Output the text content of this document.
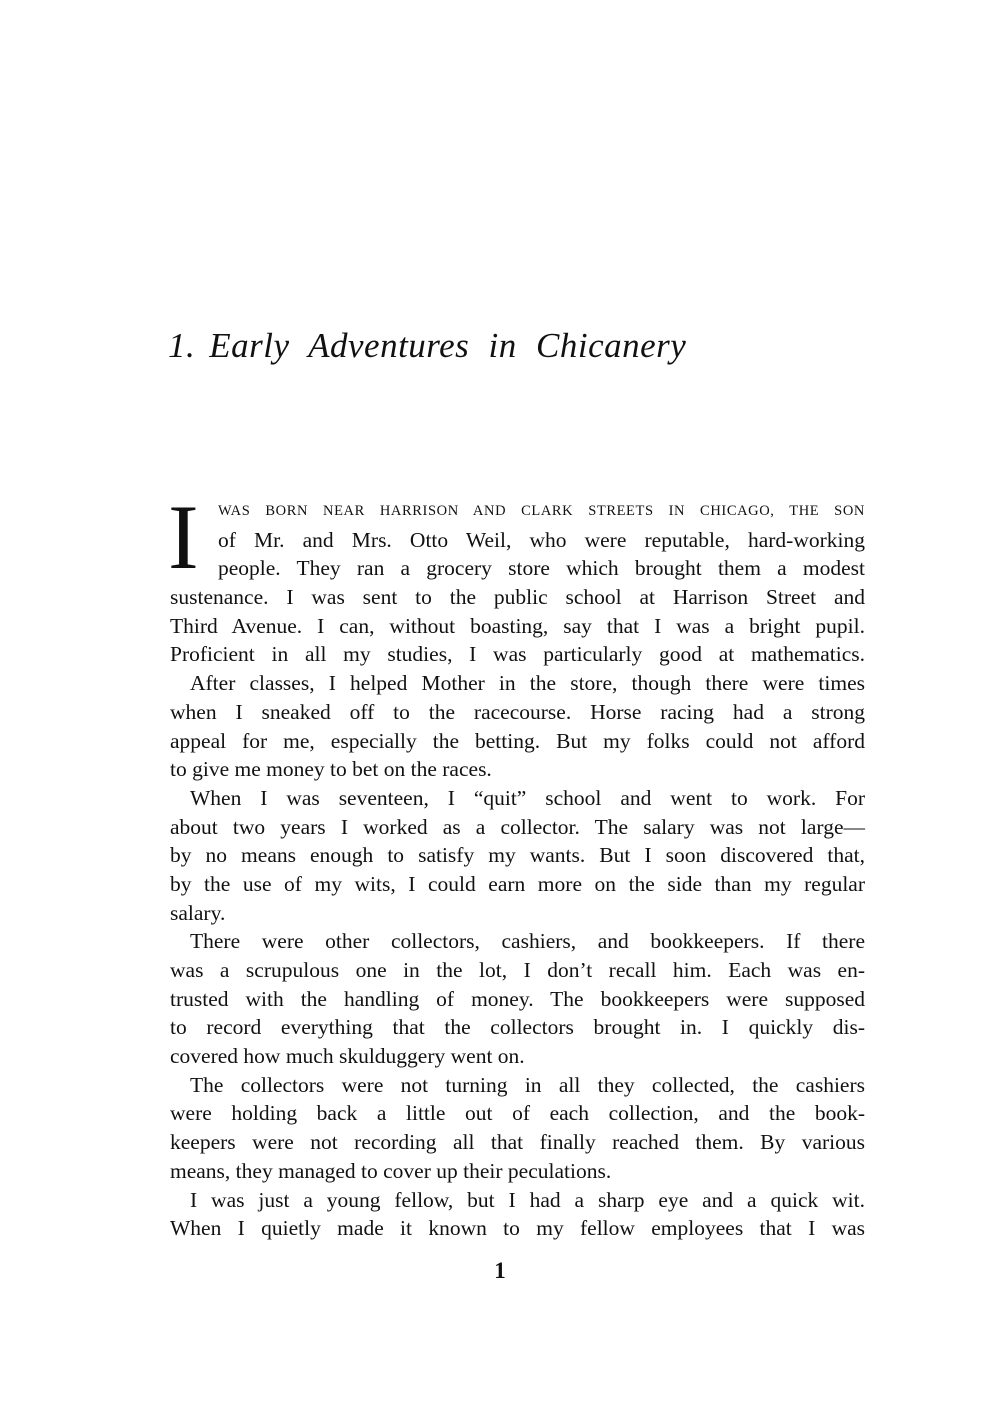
1. Early Adventures in Chicanery
I	WAS BORN NEAR HARRISON AND CLARK STREETS IN CHICAGO, THE SON
of Mr. and Mrs. Otto Weil, who were reputable, hard-working
people. They ran a grocery store which brought them a modest
sustenance. I was sent to the public school at Harrison Street and
Third Avenue. I can, without boasting, say that I was a bright pupil.
Proficient in all my studies, I was particularly good at mathematics.
After classes, I helped Mother in the store, though there were times
when I sneaked off to the racecourse. Horse racing had a strong
appeal for me, especially the betting. But my folks could not afford
to give me money to bet on the races.
When I was seventeen, I “quit” school and went to work. For
about two years I worked as a collector. The salary was not large—
by no means enough to satisfy my wants. But I soon discovered that,
by the use of my wits, I could earn more on the side than my regular
salary.
There were other collectors, cashiers, and bookkeepers. If there
was a scrupulous one in the lot, I don’t recall him. Each was en-
trusted with the handling of money. The bookkeepers were supposed
to record everything that the collectors brought in. I quickly dis-
covered how much skulduggery went on.
The collectors were not turning in all they collected, the cashiers
were holding back a little out of each collection, and the book-
keepers were not recording all that finally reached them. By various
means, they managed to cover up their peculations.
I was just a young fellow, but I had a sharp eye and a quick wit.
When I quietly made it known to my fellow employees that I was
1
